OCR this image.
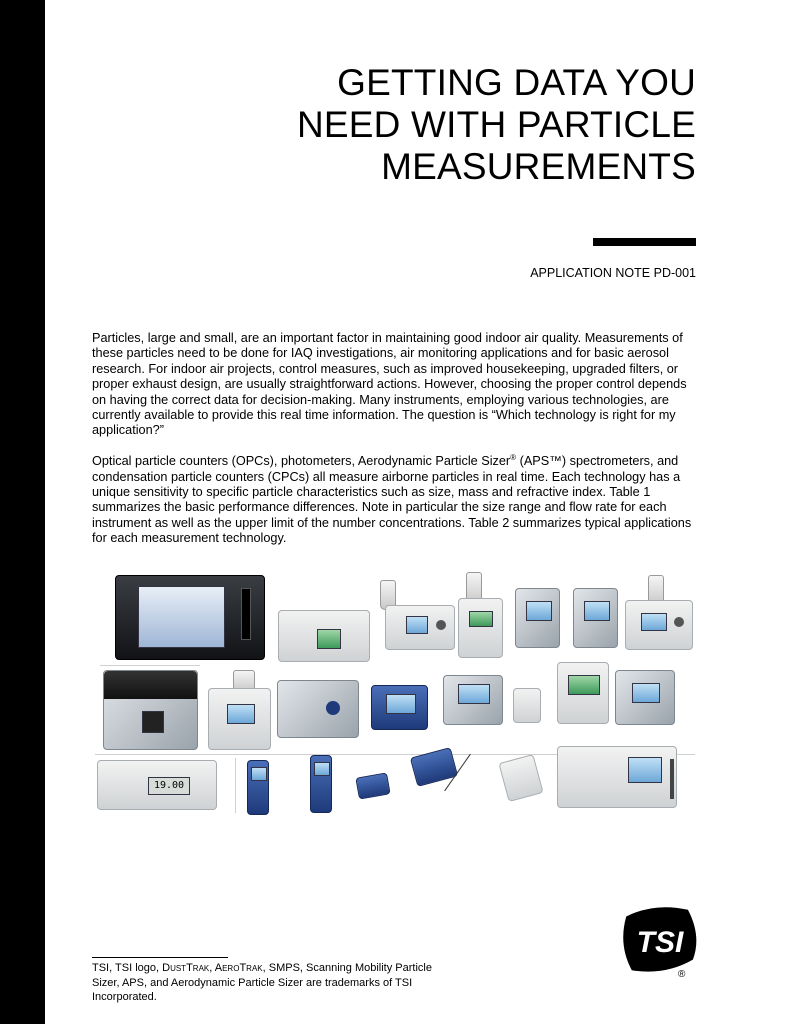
GETTING DATA YOU
NEED WITH PARTICLE
MEASUREMENTS
APPLICATION NOTE PD-001

Particles, large and small, are an important factor in maintaining good indoor air quality. Measurements of these particles need to be done for IAQ investigations, air monitoring applications and for basic aerosol research. For indoor air projects, control measures, such as improved housekeeping, upgraded filters, or proper exhaust design, are usually straightforward actions. However, choosing the proper control depends on having the correct data for decision-making. Many instruments, employing various technologies, are currently available to provide this real time information. The question is “Which technology is right for my application?”

Optical particle counters (OPCs), photometers, Aerodynamic Particle Sizer® (APS™) spectrometers, and condensation particle counters (CPCs) all measure airborne particles in real time. Each technology has a unique sensitivity to specific particle characteristics such as size, mass and refractive index. Table 1 summarizes the basic performance differences. Note in particular the size range and flow rate for each instrument as well as the upper limit of the number concentrations. Table 2 summarizes typical applications for each measurement technology.

19.00
TSI, TSI logo, DUSTTRAK, AEROTRAK, SMPS, Scanning Mobility Particle Sizer, APS, and Aerodynamic Particle Sizer are trademarks of TSI Incorporated.
TSI
®
